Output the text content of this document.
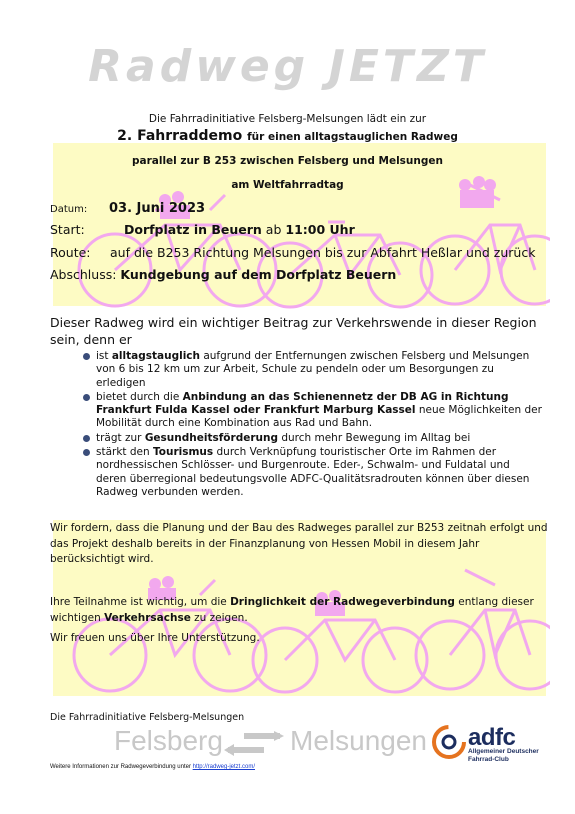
Radweg JETZT
Die Fahrradinitiative Felsberg-Melsungen lädt ein zur
2. Fahrraddemo für einen alltagstauglichen Radweg
parallel zur B 253 zwischen Felsberg und Melsungen
am Weltfahrradtag
Datum: 03. Juni 2023
Start:	Dorfplatz in Beuern ab 11:00 Uhr
Route: auf die B253 Richtung Melsungen bis zur Abfahrt Heßlar und zurück
Abschluss: Kundgebung auf dem Dorfplatz Beuern
Dieser Radweg wird ein wichtiger Beitrag zur Verkehrswende in dieser Region sein, denn er
ist alltagstauglich aufgrund der Entfernungen zwischen Felsberg und Melsungen von 6 bis 12 km um zur Arbeit, Schule zu pendeln oder um Besorgungen zu erledigen
bietet durch die Anbindung an das Schienennetz der DB AG in Richtung Frankfurt Fulda Kassel oder Frankfurt Marburg Kassel neue Möglichkeiten der Mobilität durch eine Kombination aus Rad und Bahn.
trägt zur Gesundheitsförderung durch mehr Bewegung im Alltag bei
stärkt den Tourismus durch Verknüpfung touristischer Orte im Rahmen der nordhessischen Schlösser- und Burgenroute. Eder-, Schwalm- und Fuldatal und deren überregional bedeutungsvolle ADFC-Qualitätsradrouten können über diesen Radweg verbunden werden.
Wir fordern, dass die Planung und der Bau des Radweges parallel zur B253 zeitnah erfolgt und das Projekt deshalb bereits in der Finanzplanung von Hessen Mobil in diesem Jahr berücksichtigt wird.
Ihre Teilnahme ist wichtig, um die Dringlichkeit der Radwegeverbindung entlang dieser wichtigen Verkehrsachse zu zeigen.
Wir freuen uns über Ihre Unterstützung.
Die Fahrradinitiative Felsberg-Melsungen
Felsberg Melsungen
Weitere Informationen zur Radwegeverbindung unter http://radweg-jetzt.com/
adfc
Allgemeiner Deutscher
Fahrrad-Club
